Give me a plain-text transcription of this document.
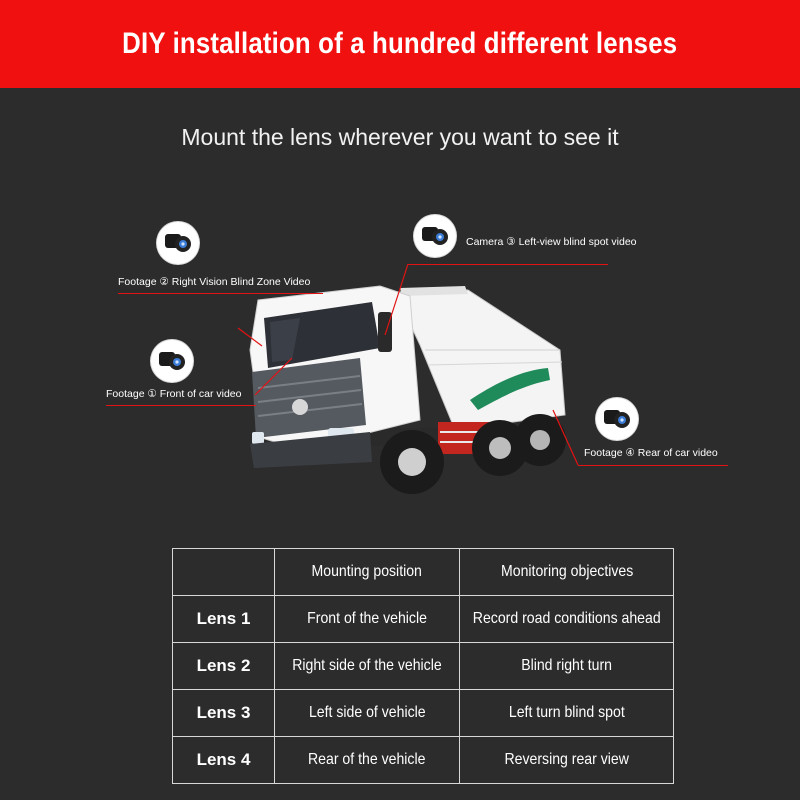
DIY installation of a hundred different lenses
Mount the lens wherever you want to see it
Footage ② Right Vision Blind Zone Video
Camera ③ Left-view blind spot video
Footage ① Front of car video
Footage ④ Rear of car video
	Mounting position	Monitoring objectives
Lens 1	Front of the vehicle	Record road conditions ahead
Lens 2	Right side of the vehicle	Blind right turn
Lens 3	Left side of vehicle	Left turn blind spot
Lens 4	Rear of the vehicle	Reversing rear view
